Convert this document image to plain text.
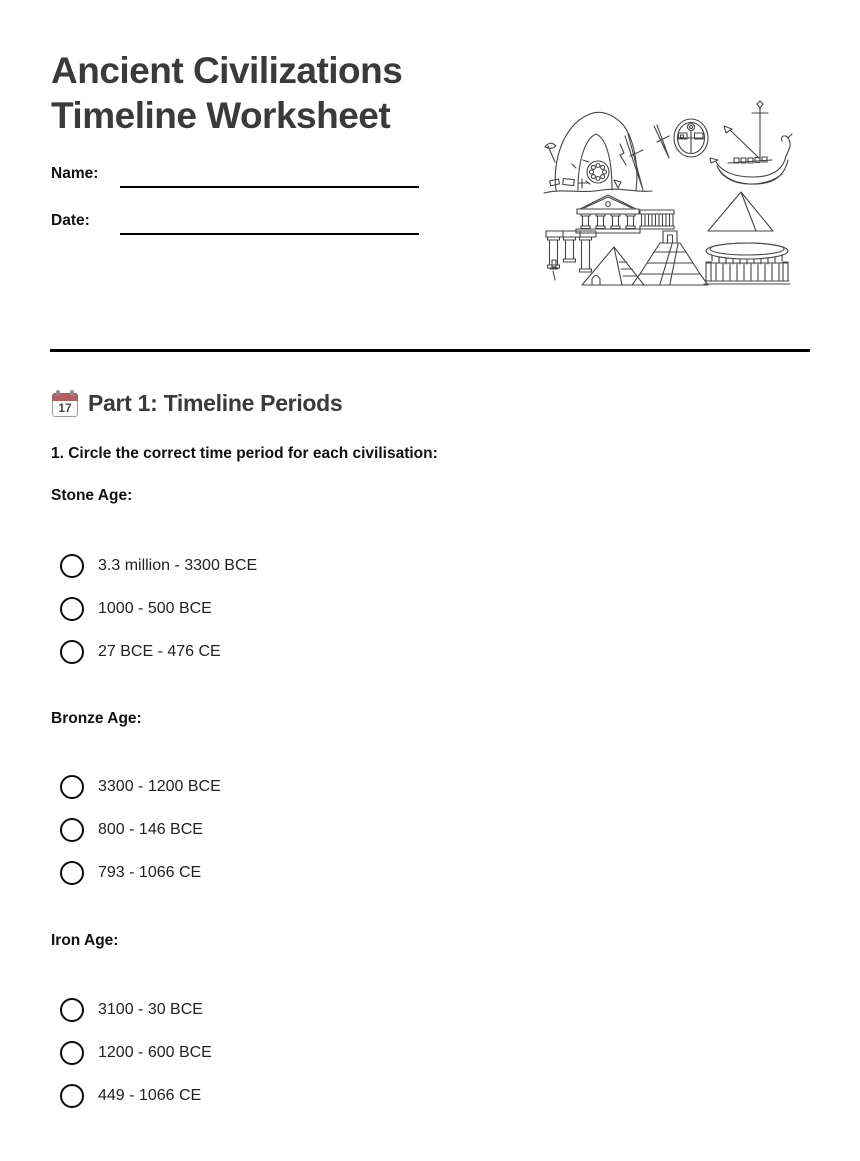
Ancient Civilizations Timeline Worksheet
Name:
Date:
17 Part 1: Timeline Periods
1. Circle the correct time period for each civilisation:
Stone Age:
3.3 million - 3300 BCE
1000 - 500 BCE
27 BCE - 476 CE
Bronze Age:
3300 - 1200 BCE
800 - 146 BCE
793 - 1066 CE
Iron Age:
3100 - 30 BCE
1200 - 600 BCE
449 - 1066 CE
